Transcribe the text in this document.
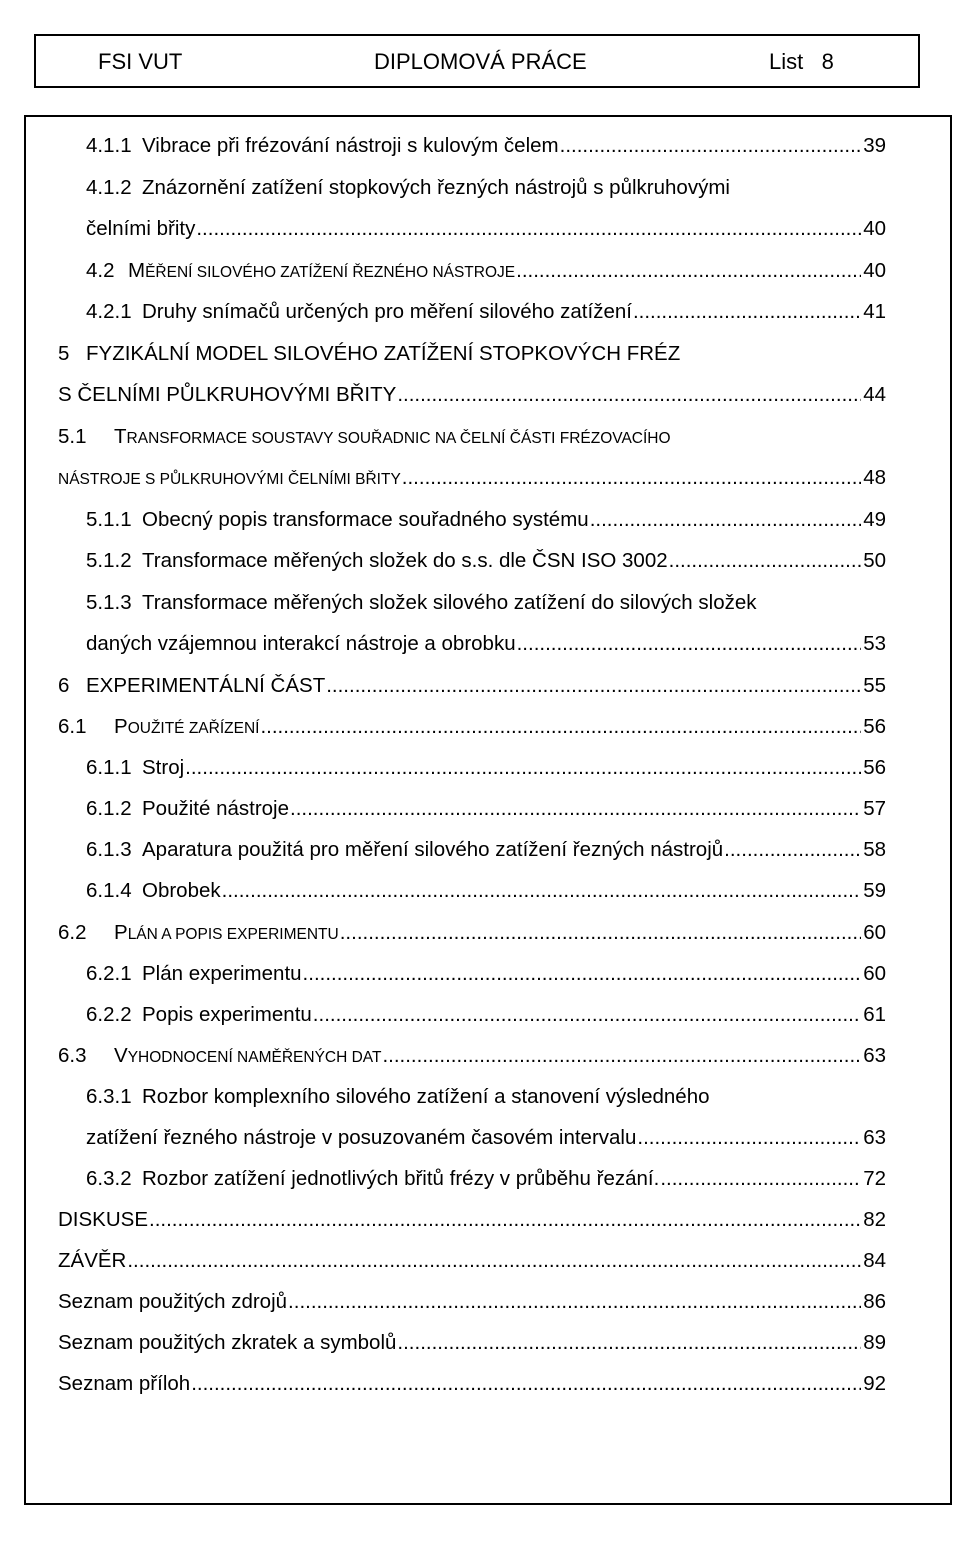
FSI VUT	DIPLOMOVÁ PRÁCE	List   8
4.1.1 Vibrace při frézování nástroji s kulovým čelem .....	39
4.1.2 Znázornění zatížení stopkových řezných nástrojů s půlkruhovými
čelními břity .....	40
4.2 MĚŘENÍ SILOVÉHO ZATÍŽENÍ ŘEZNÉHO NÁSTROJE .....	40
4.2.1 Druhy snímačů určených pro měření silového zatížení .....	41
5 FYZIKÁLNÍ MODEL SILOVÉHO ZATÍŽENÍ STOPKOVÝCH FRÉZ
S ČELNÍMI PŮLKRUHOVÝMI BŘITY .....	44
5.1 TRANSFORMACE SOUSTAVY SOUŘADNIC NA ČELNÍ ČÁSTI FRÉZOVACÍHO
NÁSTROJE S PŮLKRUHOVÝMI ČELNÍMI BŘITY .....	48
5.1.1 Obecný popis transformace souřadného systému .....	49
5.1.2 Transformace měřených složek do s.s. dle ČSN ISO 3002 .....	50
5.1.3 Transformace měřených složek silového zatížení do silových složek
daných vzájemnou interakcí nástroje a obrobku .....	53
6 EXPERIMENTÁLNÍ ČÁST .....	55
6.1	POUŽITÉ ZAŘÍZENÍ .....	56
6.1.1 Stroj .....	56
6.1.2 Použité nástroje .....	57
6.1.3 Aparatura použitá pro měření silového zatížení řezných nástrojů .....	58
6.1.4 Obrobek .....	59
6.2	PLÁN A POPIS EXPERIMENTU .....	60
6.2.1 Plán experimentu .....	60
6.2.2 Popis experimentu .....	61
6.3	VYHODNOCENÍ NAMĚŘENÝCH DAT .....	63
6.3.1 Rozbor komplexního silového zatížení a stanovení výsledného
zatížení řezného nástroje v posuzovaném časovém intervalu .....	63
6.3.2 Rozbor zatížení jednotlivých břitů frézy v průběhu řezání. .....	72
DISKUSE .....	82
ZÁVĚR .....	84
Seznam použitých zdrojů .....	86
Seznam použitých zkratek a symbolů .....	89
Seznam příloh .....	92
